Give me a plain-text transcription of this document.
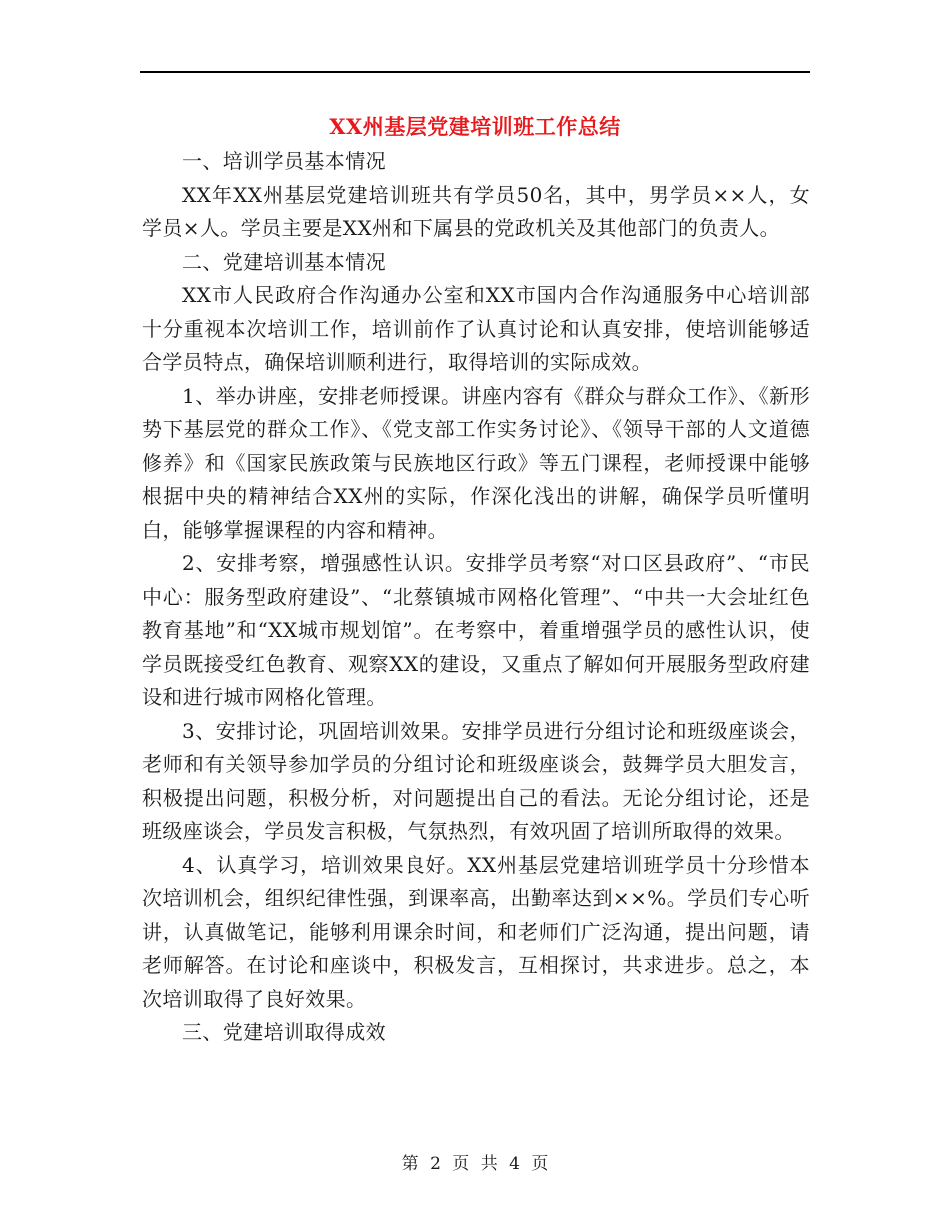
XX州基层党建培训班工作总结

一、培训学员基本情况

XX年XX州基层党建培训班共有学员50名，其中，男学员××人，女学员×人。学员主要是XX州和下属县的党政机关及其他部门的负责人。

二、党建培训基本情况

XX市人民政府合作沟通办公室和XX市国内合作沟通服务中心培训部十分重视本次培训工作，培训前作了认真讨论和认真安排，使培训能够适合学员特点，确保培训顺利进行，取得培训的实际成效。

1、举办讲座，安排老师授课。讲座内容有《群众与群众工作》、《新形势下基层党的群众工作》、《党支部工作实务讨论》、《领导干部的人文道德修养》和《国家民族政策与民族地区行政》等五门课程，老师授课中能够根据中央的精神结合XX州的实际，作深化浅出的讲解，确保学员听懂明白，能够掌握课程的内容和精神。

2、安排考察，增强感性认识。安排学员考察“对口区县政府”、“市民中心：服务型政府建设”、“北蔡镇城市网格化管理”、“中共一大会址红色教育基地”和“XX城市规划馆”。在考察中，着重增强学员的感性认识，使学员既接受红色教育、观察XX的建设，又重点了解如何开展服务型政府建设和进行城市网格化管理。

3、安排讨论，巩固培训效果。安排学员进行分组讨论和班级座谈会，老师和有关领导参加学员的分组讨论和班级座谈会，鼓舞学员大胆发言，积极提出问题，积极分析，对问题提出自己的看法。无论分组讨论，还是班级座谈会，学员发言积极，气氛热烈，有效巩固了培训所取得的效果。

4、认真学习，培训效果良好。XX州基层党建培训班学员十分珍惜本次培训机会，组织纪律性强，到课率高，出勤率达到××%。学员们专心听讲，认真做笔记，能够利用课余时间，和老师们广泛沟通，提出问题，请老师解答。在讨论和座谈中，积极发言，互相探讨，共求进步。总之，本次培训取得了良好效果。

三、党建培训取得成效

第 2 页 共 4 页
